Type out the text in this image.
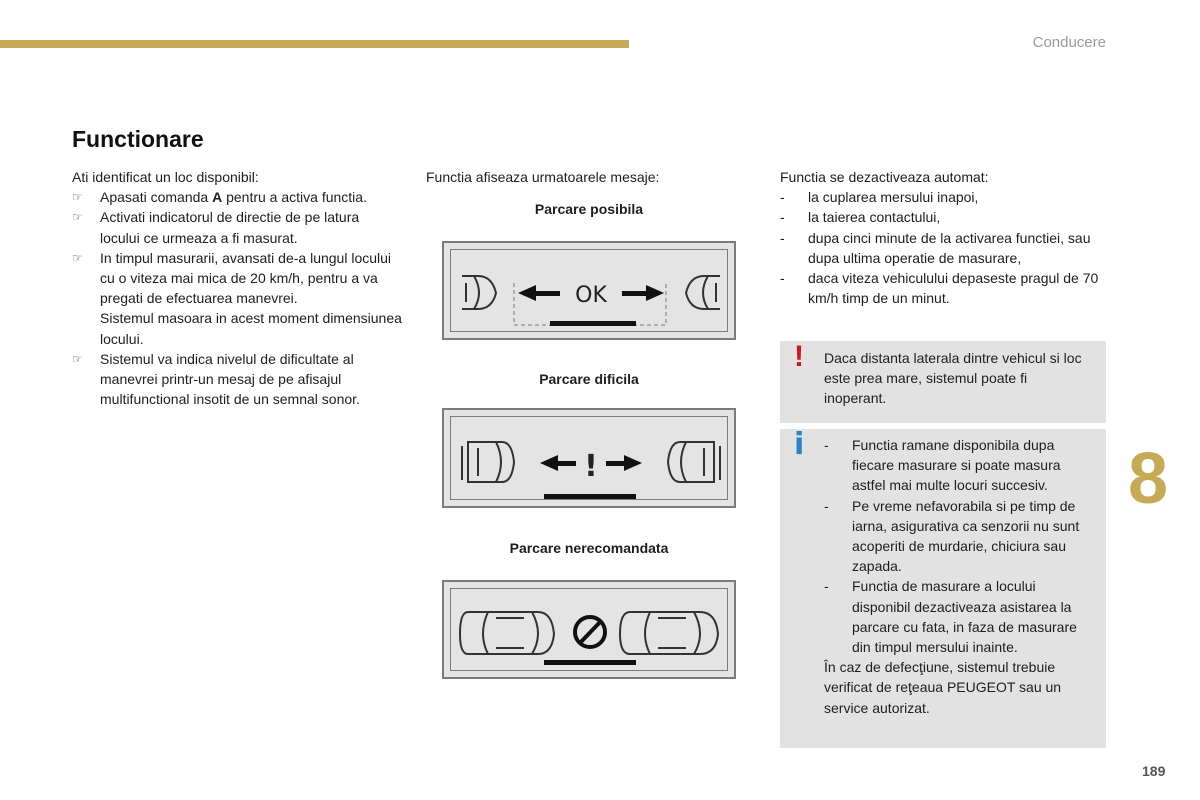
Conducere
Functionare
Ati identificat un loc disponibil:
☞ Apasati comanda A pentru a activa functia.
☞ Activati indicatorul de directie de pe latura locului ce urmeaza a fi masurat.
☞ In timpul masurarii, avansati de-a lungul locului cu o viteza mai mica de 20 km/h, pentru a va pregati de efectuarea manevrei.
Sistemul masoara in acest moment dimensiunea locului.
☞ Sistemul va indica nivelul de dificultate al manevrei printr-un mesaj de pe afisajul multifunctional insotit de un semnal sonor.
Functia afiseaza urmatoarele mesaje:
Parcare posibila
OK
Parcare dificila
!
Parcare nerecomandata
Functia se dezactiveaza automat:
- la cuplarea mersului inapoi,
- la taierea contactului,
- dupa cinci minute de la activarea functiei, sau dupa ultima operatie de masurare,
- daca viteza vehiculului depaseste pragul de 70 km/h timp de un minut.
! Daca distanta laterala dintre vehicul si loc este prea mare, sistemul poate fi inoperant.
i - Functia ramane disponibila dupa fiecare masurare si poate masura astfel mai multe locuri succesiv.
- Pe vreme nefavorabila si pe timp de iarna, asigurativa ca senzorii nu sunt acoperiti de murdarie, chiciura sau zapada.
- Functia de masurare a locului disponibil dezactiveaza asistarea la parcare cu fata, in faza de masurare din timpul mersului inainte.
În caz de defecţiune, sistemul trebuie verificat de reţeaua PEUGEOT sau un service autorizat.
8
189
